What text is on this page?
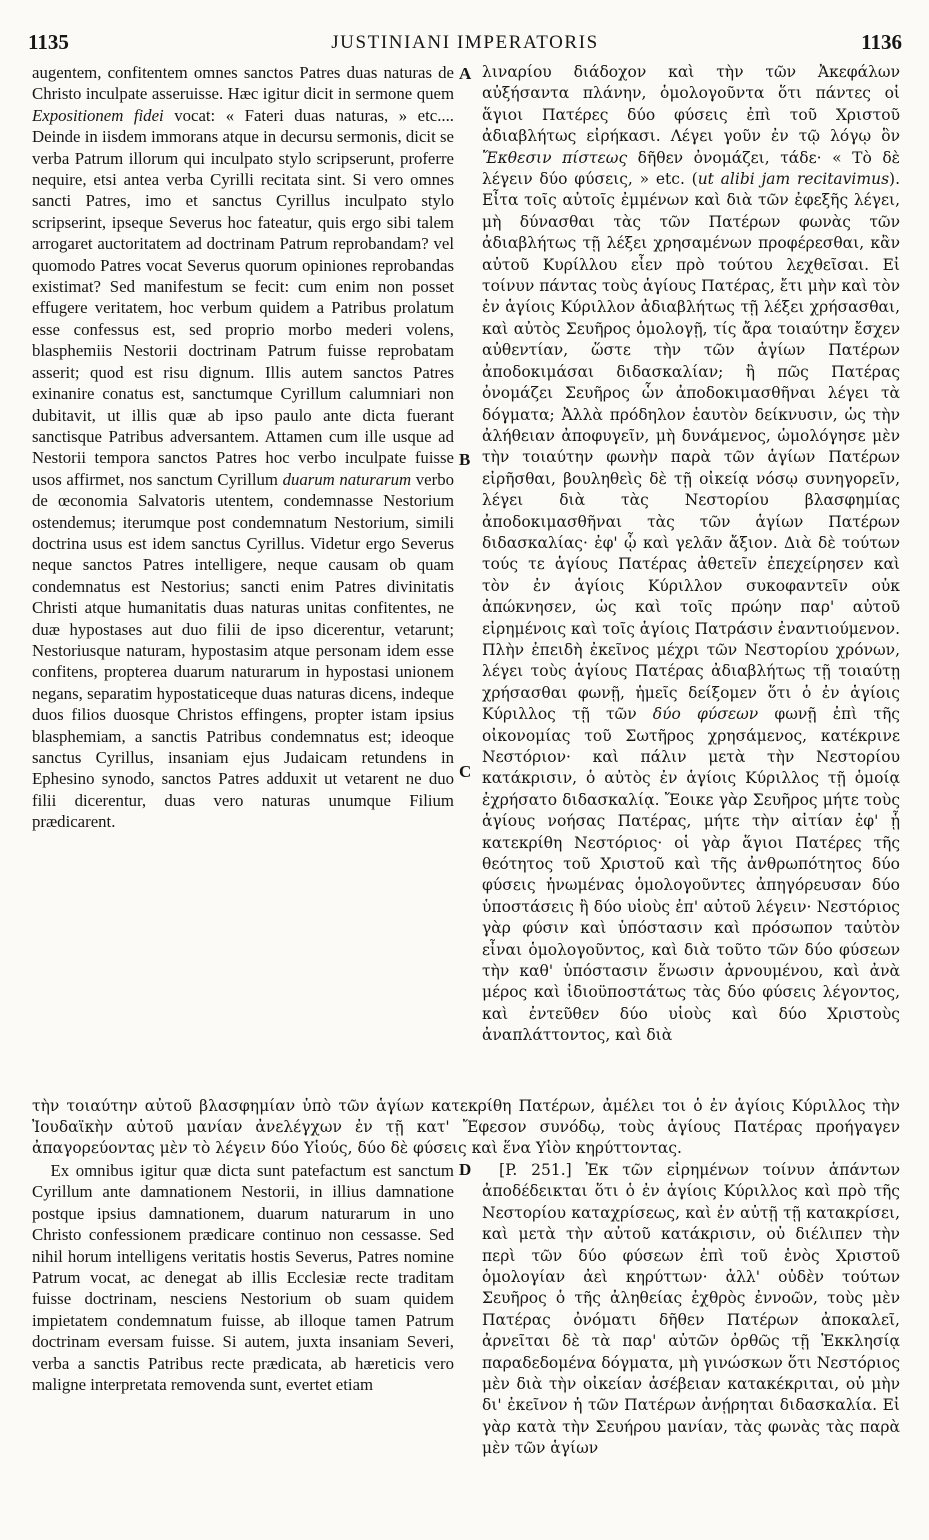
1135	JUSTINIANI IMPERATORIS	1136
A
B
C
D

augentem, confitentem omnes sanctos Patres duas naturas de Christo inculpate asseruisse. Hæc igitur dicit in sermone quem Expositionem fidei vocat: « Fateri duas naturas, » etc.... Deinde in iisdem immorans atque in decursu sermonis, dicit se verba Patrum illorum qui inculpato stylo scripserunt, proferre nequire, etsi antea verba Cyrilli recitata sint. Si vero omnes sancti Patres, imo et sanctus Cyrillus inculpato stylo scripserint, ipseque Severus hoc fateatur, quis ergo sibi talem arrogaret auctoritatem ad doctrinam Patrum reprobandam? vel quomodo Patres vocat Severus quorum opiniones reprobandas existimat? Sed manifestum se fecit: cum enim non posset effugere veritatem, hoc verbum quidem a Patribus prolatum esse confessus est, sed proprio morbo mederi volens, blasphemiis Nestorii doctrinam Patrum fuisse reprobatam asserit; quod est risu dignum. Illis autem sanctos Patres exinanire conatus est, sanctumque Cyrillum calumniari non dubitavit, ut illis quæ ab ipso paulo ante dicta fuerant sanctisque Patribus adversantem. Attamen cum ille usque ad Nestorii tempora sanctos Patres hoc verbo inculpate fuisse usos affirmet, nos sanctum Cyrillum duarum naturarum verbo de œconomia Salvatoris utentem, condemnasse Nestorium ostendemus; iterumque post condemnatum Nestorium, simili doctrina usus est idem sanctus Cyrillus. Videtur ergo Severus neque sanctos Patres intelligere, neque causam ob quam condemnatus est Nestorius; sancti enim Patres divinitatis Christi atque humanitatis duas naturas unitas confitentes, ne duæ hypostases aut duo filii de ipso dicerentur, vetarunt; Nestoriusque naturam, hypostasim atque personam idem esse confitens, propterea duarum naturarum in hypostasi unionem negans, separatim hypostaticeque duas naturas dicens, indeque duos filios duosque Christos effingens, propter istam ipsius blasphemiam, a sanctis Patribus condemnatus est; ideoque sanctus Cyrillus, insaniam ejus Judaicam retundens in Ephesino synodo, sanctos Patres adduxit ut vetarent ne duo filii dicerentur, duas vero naturas unumque Filium prædicarent.

λιναρίου διάδοχον καὶ τὴν τῶν Ἀκεφάλων αὐξήσαντα πλάνην, ὁμολογοῦντα ὅτι πάντες οἱ ἅγιοι Πατέρες δύο φύσεις ἐπὶ τοῦ Χριστοῦ ἀδιαβλήτως εἰρήκασι. Λέγει γοῦν ἐν τῷ λόγῳ ὃν Ἔκθεσιν πίστεως δῆθεν ὀνομάζει, τάδε· « Τὸ δὲ λέγειν δύο φύσεις, » etc. (ut alibi jam recitavimus). Εἶτα τοῖς αὐτοῖς ἐμμένων καὶ διὰ τῶν ἐφεξῆς λέγει, μὴ δύνασθαι τὰς τῶν Πατέρων φωνὰς τῶν ἀδιαβλήτως τῇ λέξει χρησαμένων προφέρεσθαι, κἂν αὐτοῦ Κυρίλλου εἶεν πρὸ τούτου λεχθεῖσαι. Εἰ τοίνυν πάντας τοὺς ἁγίους Πατέρας, ἔτι μὴν καὶ τὸν ἐν ἁγίοις Κύριλλον ἀδιαβλήτως τῇ λέξει χρήσασθαι, καὶ αὐτὸς Σευῆρος ὁμολογῇ, τίς ἄρα τοιαύτην ἔσχεν αὐθεντίαν, ὥστε τὴν τῶν ἁγίων Πατέρων ἀποδοκιμάσαι διδασκαλίαν; ἢ πῶς Πατέρας ὀνομάζει Σευῆρος ὧν ἀποδοκιμασθῆναι λέγει τὰ δόγματα; Ἀλλὰ πρόδηλον ἑαυτὸν δείκνυσιν, ὡς τὴν ἀλήθειαν ἀποφυγεῖν, μὴ δυνάμενος, ὡμολόγησε μὲν τὴν τοιαύτην φωνὴν παρὰ τῶν ἁγίων Πατέρων εἰρῆσθαι, βουληθεὶς δὲ τῇ οἰκείᾳ νόσῳ συνηγορεῖν, λέγει διὰ τὰς Νεστορίου βλασφημίας ἀποδοκιμασθῆναι τὰς τῶν ἁγίων Πατέρων διδασκαλίας· ἐφ' ᾧ καὶ γελᾶν ἄξιον. Διὰ δὲ τούτων τούς τε ἁγίους Πατέρας ἀθετεῖν ἐπεχείρησεν καὶ τὸν ἐν ἁγίοις Κύριλλον συκοφαντεῖν οὐκ ἀπώκνησεν, ὡς καὶ τοῖς πρώην παρ' αὐτοῦ εἰρημένοις καὶ τοῖς ἁγίοις Πατράσιν ἐναντιούμενον. Πλὴν ἐπειδὴ ἐκεῖνος μέχρι τῶν Νεστορίου χρόνων, λέγει τοὺς ἁγίους Πατέρας ἀδιαβλήτως τῇ τοιαύτῃ χρήσασθαι φωνῇ, ἡμεῖς δείξομεν ὅτι ὁ ἐν ἁγίοις Κύριλλος τῇ τῶν δύο φύσεων φωνῇ ἐπὶ τῆς οἰκονομίας τοῦ Σωτῆρος χρησάμενος, κατέκρινε Νεστόριον· καὶ πάλιν μετὰ τὴν Νεστορίου κατάκρισιν, ὁ αὐτὸς ἐν ἁγίοις Κύριλλος τῇ ὁμοίᾳ ἐχρήσατο διδασκαλίᾳ. Ἔοικε γὰρ Σευῆρος μήτε τοὺς ἁγίους νοήσας Πατέρας, μήτε τὴν αἰτίαν ἐφ' ᾗ κατεκρίθη Νεστόριος· οἱ γὰρ ἅγιοι Πατέρες τῆς θεότητος τοῦ Χριστοῦ καὶ τῆς ἀνθρωπότητος δύο φύσεις ἡνωμένας ὁμολογοῦντες ἀπηγόρευσαν δύο ὑποστάσεις ἢ δύο υἱοὺς ἐπ' αὐτοῦ λέγειν· Νεστόριος γὰρ φύσιν καὶ ὑπόστασιν καὶ πρόσωπον ταὐτὸν εἶναι ὁμολογοῦντος, καὶ διὰ τοῦτο τῶν δύο φύσεων τὴν καθ' ὑπόστασιν ἕνωσιν ἀρνουμένου, καὶ ἀνὰ μέρος καὶ ἰδιοϋποστάτως τὰς δύο φύσεις λέγοντος, καὶ ἐντεῦθεν δύο υἱοὺς καὶ δύο Χριστοὺς ἀναπλάττοντος, καὶ διὰ

τὴν τοιαύτην αὐτοῦ βλασφημίαν ὑπὸ τῶν ἁγίων κατεκρίθη Πατέρων, ἀμέλει τοι ὁ ἐν ἁγίοις Κύριλλος τὴν Ἰουδαϊκὴν αὐτοῦ μανίαν ἀνελέγχων ἐν τῇ κατ' Ἔφεσον συνόδῳ, τοὺς ἁγίους Πατέρας προήγαγεν ἀπαγορεύοντας μὲν τὸ λέγειν δύο Υἱούς, δύο δὲ φύσεις καὶ ἕνα Υἱὸν κηρύττοντας.

Ex omnibus igitur quæ dicta sunt patefactum est sanctum Cyrillum ante damnationem Nestorii, in illius damnatione postque ipsius damnationem, duarum naturarum in uno Christo confessionem prædicare continuo non cessasse. Sed nihil horum intelligens veritatis hostis Severus, Patres nomine Patrum vocat, ac denegat ab illis Ecclesiæ recte traditam fuisse doctrinam, nesciens Nestorium ob suam quidem impietatem condemnatum fuisse, ab illoque tamen Patrum doctrinam eversam fuisse. Si autem, juxta insaniam Severi, verba a sanctis Patribus recte prædicata, ab hæreticis vero maligne interpretata removenda sunt, evertet etiam

[P. 251.] Ἐκ τῶν εἰρημένων τοίνυν ἁπάντων ἀποδέδεικται ὅτι ὁ ἐν ἁγίοις Κύριλλος καὶ πρὸ τῆς Νεστορίου καταχρίσεως, καὶ ἐν αὐτῇ τῇ κατακρίσει, καὶ μετὰ τὴν αὐτοῦ κατάκρισιν, οὐ διέλιπεν τὴν περὶ τῶν δύο φύσεων ἐπὶ τοῦ ἑνὸς Χριστοῦ ὁμολογίαν ἀεὶ κηρύττων· ἀλλ' οὐδὲν τούτων Σευῆρος ὁ τῆς ἀληθείας ἐχθρὸς ἐννοῶν, τοὺς μὲν Πατέρας ὀνόματι δῆθεν Πατέρων ἀποκαλεῖ, ἀρνεῖται δὲ τὰ παρ' αὐτῶν ὀρθῶς τῇ Ἐκκλησίᾳ παραδεδομένα δόγματα, μὴ γινώσκων ὅτι Νεστόριος μὲν διὰ τὴν οἰκείαν ἀσέβειαν κατακέκριται, οὐ μὴν δι' ἐκεῖνον ἡ τῶν Πατέρων ἀνῄρηται διδασκαλία. Εἰ γὰρ κατὰ τὴν Σευήρου μανίαν, τὰς φωνὰς τὰς παρὰ μὲν τῶν ἁγίων
